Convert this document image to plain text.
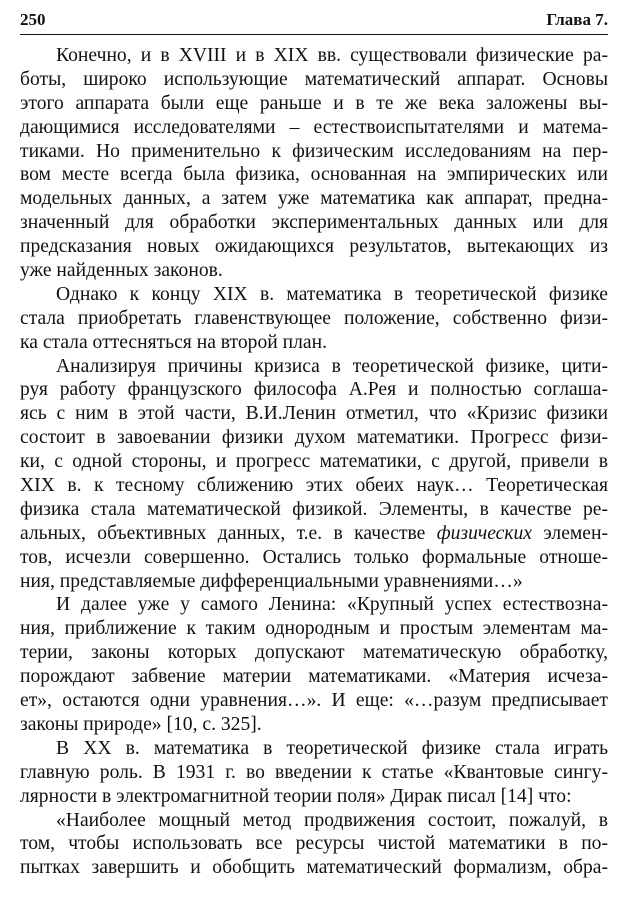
250	Глава 7.
Конечно, и в XVIII и в XIX вв. существовали физические ра-
боты, широко использующие математический аппарат. Основы
этого аппарата были еще раньше и в те же века заложены вы-
дающимися исследователями – естествоиспытателями и матема-
тиками. Но применительно к физическим исследованиям на пер-
вом месте всегда была физика, основанная на эмпирических или
модельных данных, а затем уже математика как аппарат, предна-
значенный для обработки экспериментальных данных или для
предсказания новых ожидающихся результатов, вытекающих из
уже найденных законов.
Однако к концу XIX в. математика в теоретической физике
стала приобретать главенствующее положение, собственно физи-
ка стала оттесняться на второй план.
Анализируя причины кризиса в теоретической физике, цити-
руя работу французского философа А.Рея и полностью соглаша-
ясь с ним в этой части, В.И.Ленин отметил, что «Кризис физики
состоит в завоевании физики духом математики. Прогресс физи-
ки, с одной стороны, и прогресс математики, с другой, привели в
XIX в. к тесному сближению этих обеих наук… Теоретическая
физика стала математической физикой. Элементы, в качестве ре-
альных, объективных данных, т.е. в качестве физических элемен-
тов, исчезли совершенно. Остались только формальные отноше-
ния, представляемые дифференциальными уравнениями…»
И далее уже у самого Ленина: «Крупный успех естествозна-
ния, приближение к таким однородным и простым элементам ма-
терии, законы которых допускают математическую обработку,
порождают забвение материи математиками. «Материя исчеза-
ет», остаются одни уравнения…». И еще: «…разум предписывает
законы природе» [10, с. 325].
В XX в. математика в теоретической физике стала играть
главную роль. В 1931 г. во введении к статье «Квантовые сингу-
лярности в электромагнитной теории поля» Дирак писал [14] что:
«Наиболее мощный метод продвижения состоит, пожалуй, в
том, чтобы использовать все ресурсы чистой математики в по-
пытках завершить и обобщить математический формализм, обра-
